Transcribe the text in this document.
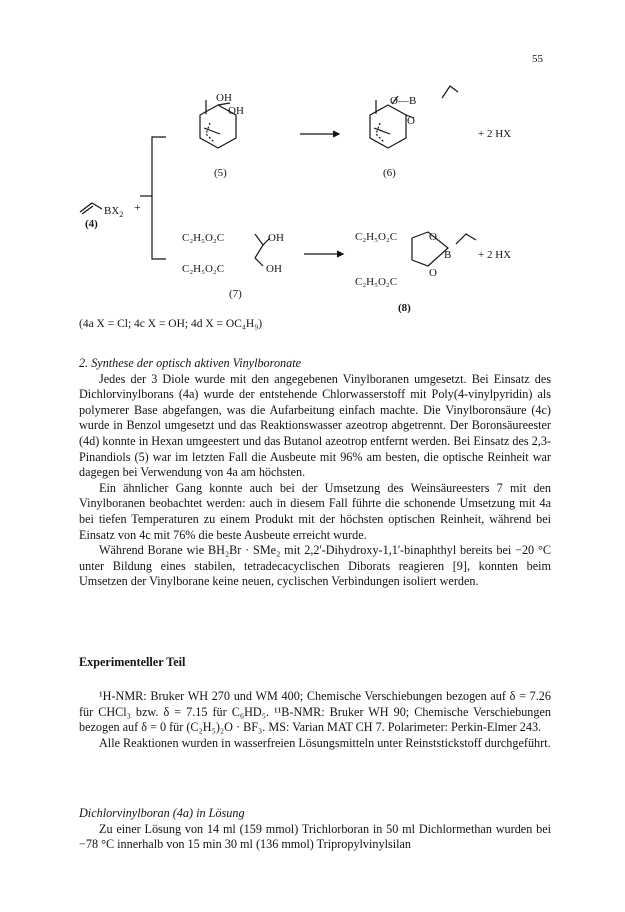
55
OH
OH
(5)
O—B
O
(6)
+ 2 HX
$BX_2$
+
(4)
C₂H₅O₂C	OH
C₂H₅O₂C	OH
(7)
C₂H₅O₂C	O
B
O
C₂H₅O₂C
+ 2 HX
(8)
(4a X = Cl; 4c X = OH; 4d X = OC₄H₉)

2. Synthese der optisch aktiven Vinylboronate

Jedes der 3 Diole wurde mit den angegebenen Vinylboranen umgesetzt. Bei Einsatz des Dichlorvinylborans (4a) wurde der entstehende Chlorwasserstoff mit Poly(4-vinylpyridin) als polymerer Base abgefangen, was die Aufarbeitung einfach machte. Die Vinylboronsäure (4c) wurde in Benzol umgesetzt und das Reaktionswasser azeotrop abgetrennt. Der Boronsäureester (4d) konnte in Hexan umgeestert und das Butanol azeotrop entfernt werden. Bei Einsatz des 2,3-Pinandiols (5) war im letzten Fall die Ausbeute mit 96% am besten, die optische Reinheit war dagegen bei Verwendung von 4a am höchsten.

Ein ähnlicher Gang konnte auch bei der Umsetzung des Weinsäureesters 7 mit den Vinylboranen beobachtet werden: auch in diesem Fall führte die schonende Umsetzung mit 4a bei tiefen Temperaturen zu einem Produkt mit der höchsten optischen Reinheit, während bei Einsatz von 4c mit 76% die beste Ausbeute erreicht wurde.

Während Borane wie BH₂Br · SMe₂ mit 2,2'-Dihydroxy-1,1'-binaphthyl bereits bei −20 °C unter Bildung eines stabilen, tetradecacyclischen Diborats reagieren [9], konnten beim Umsetzen der Vinylborane keine neuen, cyclischen Verbindungen isoliert werden.

Experimenteller Teil

¹H-NMR: Bruker WH 270 und WM 400; Chemische Verschiebungen bezogen auf δ = 7.26 für CHCl₃ bzw. δ = 7.15 für C₆HD₅. ¹¹B-NMR: Bruker WH 90; Chemische Verschiebungen bezogen auf δ = 0 für (C₂H₅)₂O · BF₃. MS: Varian MAT CH 7. Polarimeter: Perkin-Elmer 243.

Alle Reaktionen wurden in wasserfreien Lösungsmitteln unter Reinststickstoff durchgeführt.

Dichlorvinylboran (4a) in Lösung

Zu einer Lösung von 14 ml (159 mmol) Trichlorboran in 50 ml Dichlormethan wurden bei −78 °C innerhalb von 15 min 30 ml (136 mmol) Tripropylvinylsilan
